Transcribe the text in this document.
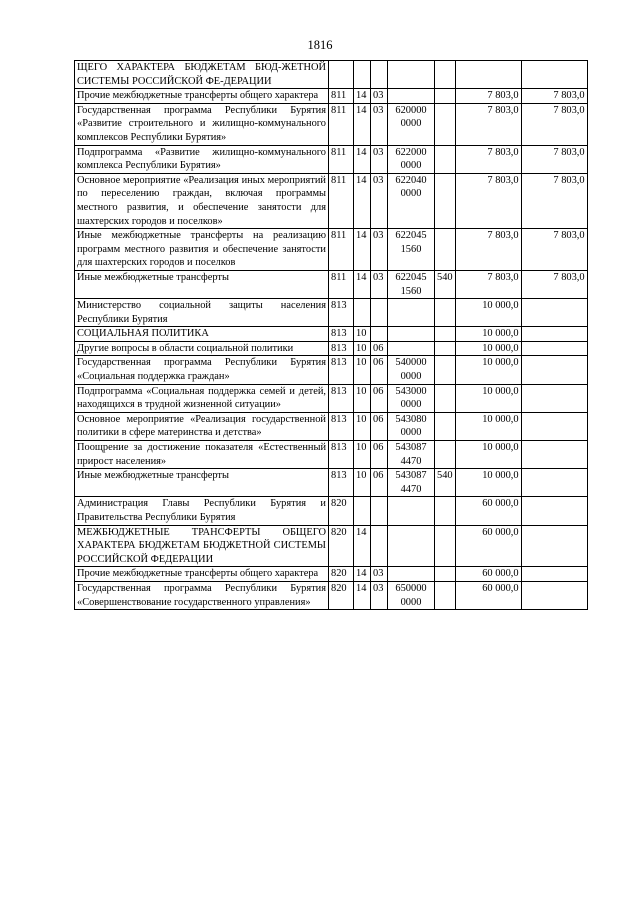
1816
ЩЕГО ХАРАКТЕРА БЮДЖЕТАМ БЮД-ЖЕТНОЙ СИСТЕМЫ РОССИЙСКОЙ ФЕ-ДЕРАЦИИ							
Прочие межбюджетные трансферты общего характера	811	14	03			7 803,0	7 803,0
Государственная программа Республики Бурятия «Развитие строительного и жилищно-коммунального комплексов Республики Бурятия»	811	14	03	620000 0000		7 803,0	7 803,0
Подпрограмма «Развитие жилищно-коммунального комплекса Республики Бурятия»	811	14	03	622000 0000		7 803,0	7 803,0
Основное мероприятие «Реализация иных мероприятий по переселению граждан, включая программы местного развития, и обеспечение занятости для шахтерских городов и поселков»	811	14	03	622040 0000		7 803,0	7 803,0
Иные межбюджетные трансферты на реализацию программ местного развития и обеспечение занятости для шахтерских городов и поселков	811	14	03	622045 1560		7 803,0	7 803,0
Иные межбюджетные трансферты	811	14	03	622045 1560	540	7 803,0	7 803,0
Министерство социальной защиты населения Республики Бурятия	813					10 000,0	
СОЦИАЛЬНАЯ ПОЛИТИКА	813	10				10 000,0	
Другие вопросы в области социальной политики	813	10	06			10 000,0	
Государственная программа Республики Бурятия «Социальная поддержка граждан»	813	10	06	540000 0000		10 000,0	
Подпрограмма «Социальная поддержка семей и детей, находящихся в трудной жизненной ситуации»	813	10	06	543000 0000		10 000,0	
Основное мероприятие «Реализация государственной политики в сфере материнства и детства»	813	10	06	543080 0000		10 000,0	
Поощрение за достижение показателя «Естественный прирост населения»	813	10	06	543087 4470		10 000,0	
Иные межбюджетные трансферты	813	10	06	543087 4470	540	10 000,0	
Администрация Главы Республики Бурятия и Правительства Республики Бурятия	820					60 000,0	
МЕЖБЮДЖЕТНЫЕ ТРАНСФЕРТЫ ОБЩЕГО ХАРАКТЕРА БЮДЖЕТАМ БЮДЖЕТНОЙ СИСТЕМЫ РОССИЙСКОЙ ФЕДЕРАЦИИ	820	14				60 000,0	
Прочие межбюджетные трансферты общего характера	820	14	03			60 000,0	
Государственная программа Республики Бурятия «Совершенствование государственного управления»	820	14	03	650000 0000		60 000,0	
